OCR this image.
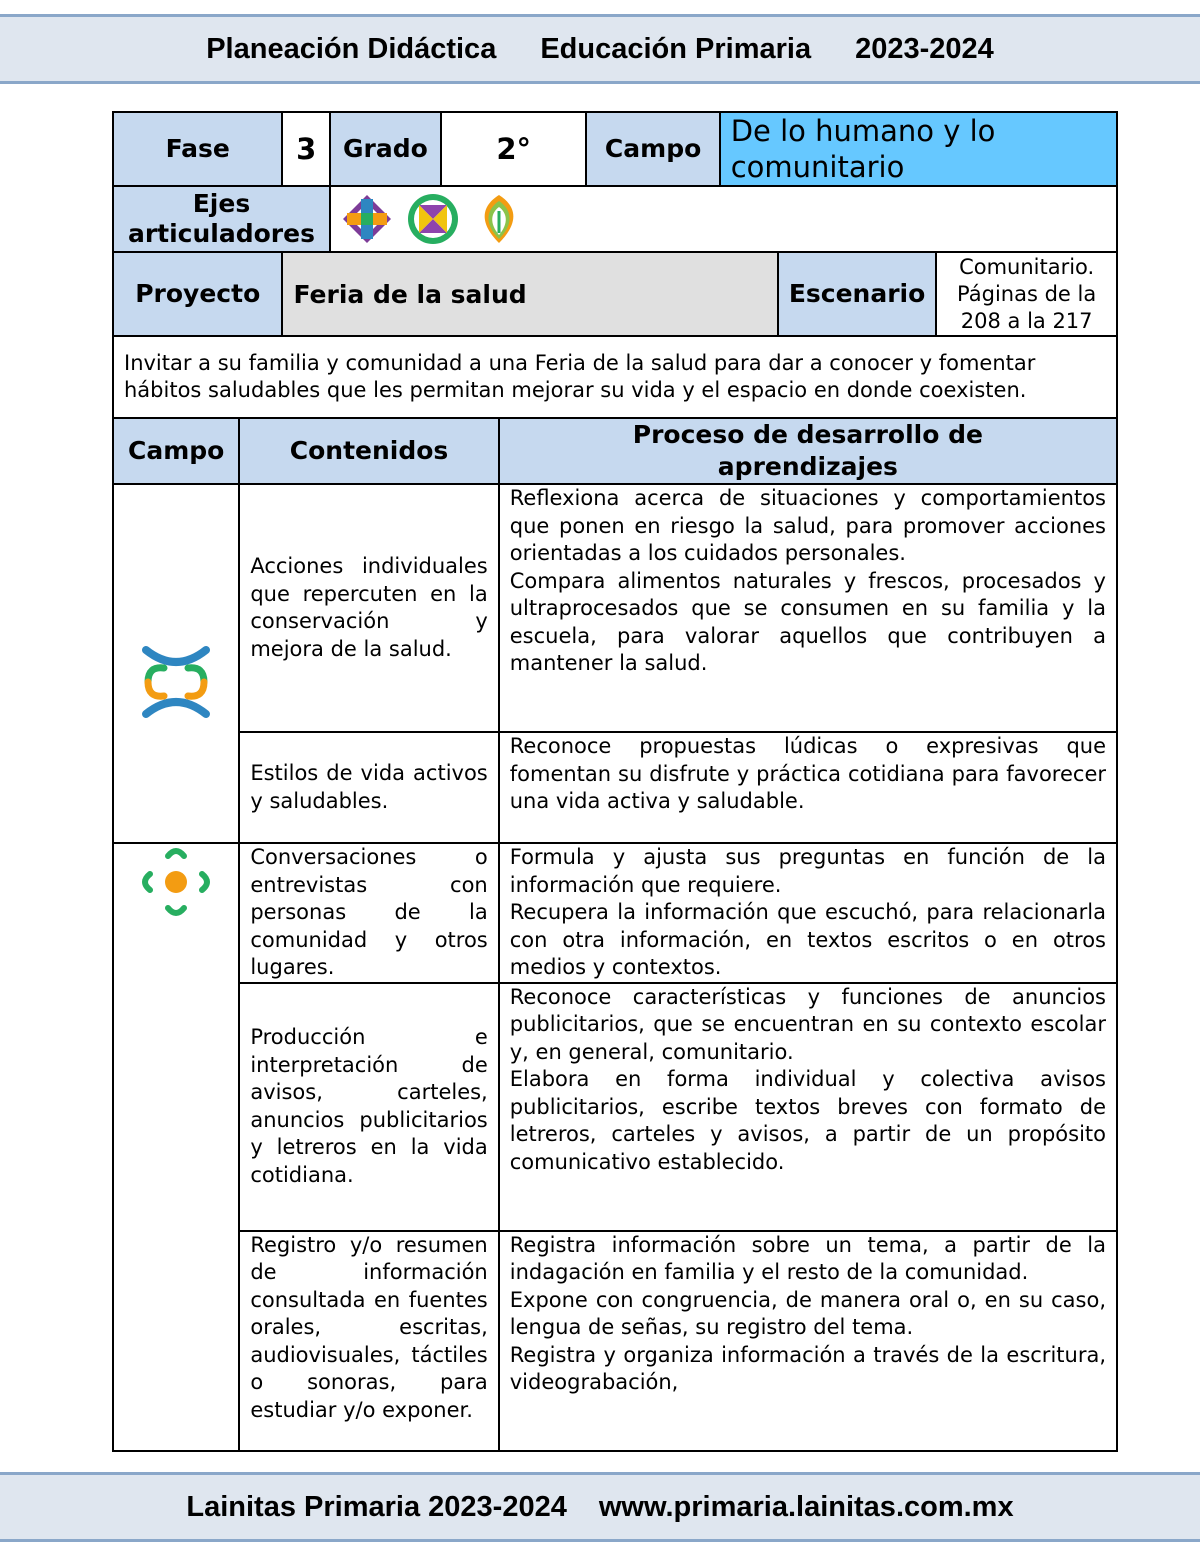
Planeación Didáctica Educación Primaria 2023-2024
Fase		3	Grado	2°		Campo	De lo humano y lo comunitario		
Ejes articuladores	

Proyecto		Feria de la salud						Escenario	Comunitario. Páginas de la 208 a la 217
Invitar a su familia y comunidad a una Feria de la salud para dar a conocer y fomentar hábitos saludables que les permitan mejorar su vida y el espacio en donde coexisten.									
Campo	Contenidos				Proceso de desarrollo de aprendizajes				
	Acciones individuales que repercuten en la conservación y mejora de la salud.				Reflexiona acerca de situaciones y comportamientos que ponen en riesgo la salud, para promover acciones orientadas a los cuidados personales.
Compara alimentos naturales y frescos, procesados y ultraprocesados que se consumen en su familia y la escuela, para valorar aquellos que contribuyen a mantener la salud.				
	Estilos de vida activos y saludables.				Reconoce propuestas lúdicas o expresivas que fomentan su disfrute y práctica cotidiana para favorecer una vida activa y saludable.				
	Conversaciones o entrevistas con personas de la comunidad y otros lugares.				Formula y ajusta sus preguntas en función de la información que requiere.
Recupera la información que escuchó, para relacionarla con otra información, en textos escritos o en otros medios y contextos.				
	Producción e interpretación de avisos, carteles, anuncios publicitarios y letreros en la vida cotidiana.				Reconoce características y funciones de anuncios publicitarios, que se encuentran en su contexto escolar y, en general, comunitario.
Elabora en forma individual y colectiva avisos publicitarios, escribe textos breves con formato de letreros, carteles y avisos, a partir de un propósito comunicativo establecido.				
	Registro y/o resumen de información consultada en fuentes orales, escritas, audiovisuales, táctiles o sonoras, para estudiar y/o exponer.				Registra información sobre un tema, a partir de la indagación en familia y el resto de la comunidad.
Expone con congruencia, de manera oral o, en su caso, lengua de señas, su registro del tema.
Registra y organiza información a través de la escritura, videograbación,				
Lainitas Primaria 2023-2024 www.primaria.lainitas.com.mx
